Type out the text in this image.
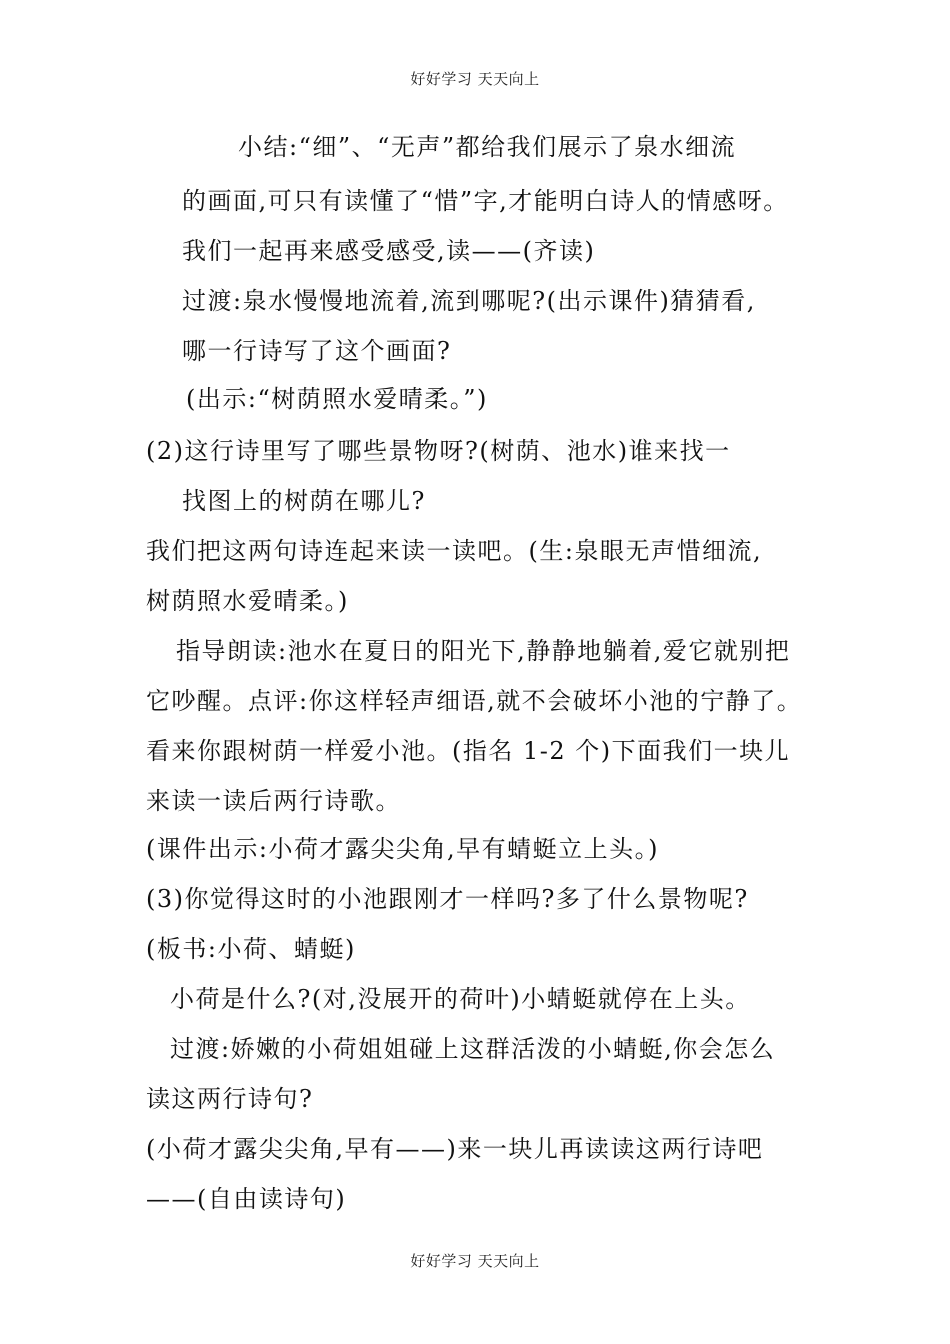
好好学习 天天向上
小结:“细”、“无声”都给我们展示了泉水细流
的画面,可只有读懂了“惜”字,才能明白诗人的情感呀。
我们一起再来感受感受,读——(齐读)
过渡:泉水慢慢地流着,流到哪呢?(出示课件)猜猜看,
哪一行诗写了这个画面?
(出示:“树荫照水爱晴柔。”)
(2)这行诗里写了哪些景物呀?(树荫、池水)谁来找一
找图上的树荫在哪儿?
我们把这两句诗连起来读一读吧。(生:泉眼无声惜细流,
树荫照水爱晴柔。)
指导朗读:池水在夏日的阳光下,静静地躺着,爱它就别把
它吵醒。点评:你这样轻声细语,就不会破坏小池的宁静了。
看来你跟树荫一样爱小池。(指名 1-2 个)下面我们一块儿
来读一读后两行诗歌。
(课件出示:小荷才露尖尖角,早有蜻蜓立上头。)
(3)你觉得这时的小池跟刚才一样吗?多了什么景物呢?
(板书:小荷、蜻蜓)
小荷是什么?(对,没展开的荷叶)小蜻蜓就停在上头。
过渡:娇嫩的小荷姐姐碰上这群活泼的小蜻蜓,你会怎么
读这两行诗句?
(小荷才露尖尖角,早有——)来一块儿再读读这两行诗吧
——(自由读诗句)
好好学习 天天向上
